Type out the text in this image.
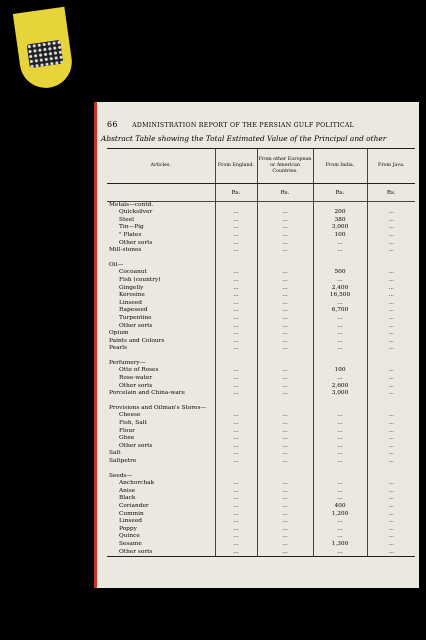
66 ADMINISTRATION REPORT OF THE PERSIAN GULF POLITICAL
Abstract Table showing the Total Estimated Value of the Principal and other
Articles.	From England.	From other European or American Countries.	From India.	From Java.
	Rs.	Rs.	Rs.	Rs.
Metals—contd.				
Quicksilver	...	...	200	...
Steel	...	...	380	...
Tin—Pig	...	...	3,000	...
" Plates	...	...	100	...
Other sorts	...	...	...	...
Mill-stones	...	...	...	...

Oil—				
Cocoanut	...	...	500	...
Fish (country)	...	...	...	...
Gingelly	...	...	2,400	...
Kerosine	...	...	16,500	...
Linseed	...	...	...	...
Rapeseed	...	...	6,700	...
Turpentine	...	...	...	...
Other sorts	...	...	...	...
Opium	...	...	...	...
Paints and Colours	...	...	...	...
Pearls	...	...	...	...

Perfumery—				
Otto of Roses	...	...	100	...
Rose-water	...	...	...	...
Other sorts	...	...	2,600	...
Porcelain and China-ware	...	...	3,000	...

Provisions and Oilman's Stores—				
Cheese	...	...	...	...
Fish, Salt	...	...	...	...
Flour	...	...	...	...
Ghee	...	...	...	...
Other sorts	...	...	...	...
Salt	...	...	...	...
Saltpetre	...	...	...	...

Seeds—				
Anchorchak	...	...	...	...
Anise	...	...	...	...
Black	...	...	...	...
Coriander	...	...	400	...
Cummin	...	...	1,200	...
Linseed	...	...	...	...
Poppy	...	...	...	...
Quince	...	...	...	...
Sesame	...	...	1,300	...
Other sorts	...	...	...	...
